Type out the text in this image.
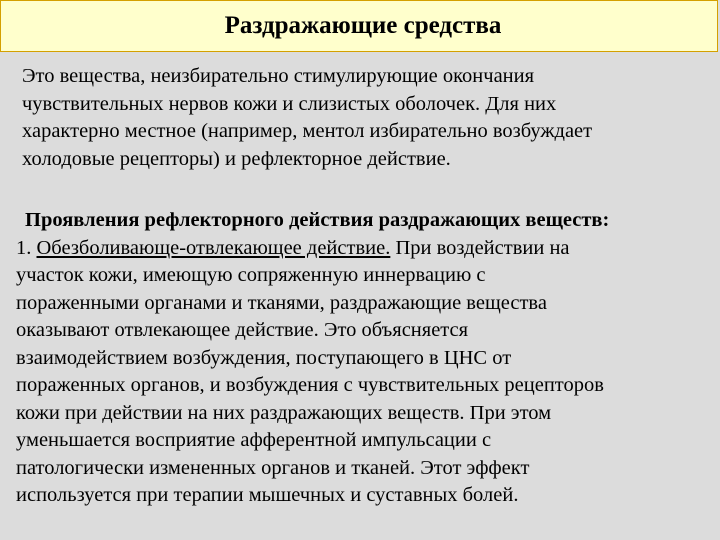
Раздражающие средства
Это вещества, неизбирательно стимулирующие окончания
чувствительных нервов кожи и слизистых оболочек. Для них
характерно местное (например, ментол избирательно возбуждает
холодовые рецепторы) и рефлекторное действие.
Проявления рефлекторного действия раздражающих веществ:
1. Обезболивающе-отвлекающее действие. При воздействии на
участок кожи, имеющую сопряженную иннервацию с
пораженными органами и тканями, раздражающие вещества
оказывают отвлекающее действие. Это объясняется
взаимодействием возбуждения, поступающего в ЦНС от
пораженных органов, и возбуждения с чувствительных рецепторов
кожи при действии на них раздражающих веществ. При этом
уменьшается восприятие афферентной импульсации с
патологически измененных органов и тканей. Этот эффект
используется при терапии мышечных и суставных болей.
